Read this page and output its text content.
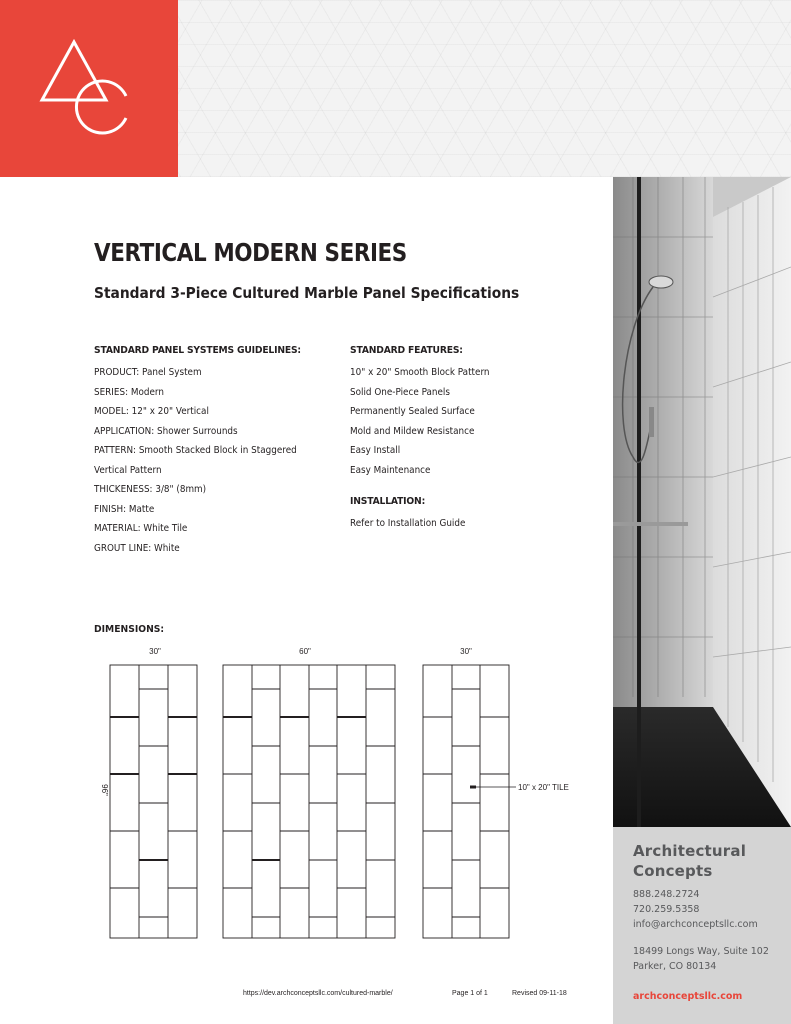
Architectural
Concepts
888.248.2724
720.259.5358
info@archconceptsllc.com
18499 Longs Way, Suite 102
Parker, CO 80134
archconceptsllc.com
VERTICAL MODERN SERIES
Standard 3-Piece Cultured Marble Panel Specifications
STANDARD PANEL SYSTEMS GUIDELINES:
PRODUCT: Panel System
SERIES: Modern
MODEL: 12" x 20" Vertical
APPLICATION: Shower Surrounds
PATTERN: Smooth Stacked Block in Staggered
Vertical Pattern
THICKENESS: 3/8" (8mm)
FINISH: Matte
MATERIAL: White Tile
GROUT LINE: White
STANDARD FEATURES:
10" x 20" Smooth Block Pattern
Solid One-Piece Panels
Permanently Sealed Surface
Mold and Mildew Resistance
Easy Install
Easy Maintenance
INSTALLATION:
Refer to Installation Guide
DIMENSIONS:
30"	60"	30"
96"	10" x 20" TILE
https://dev.archconceptsllc.com/cultured-marble/	Page 1 of 1	Revised 09-11-18
